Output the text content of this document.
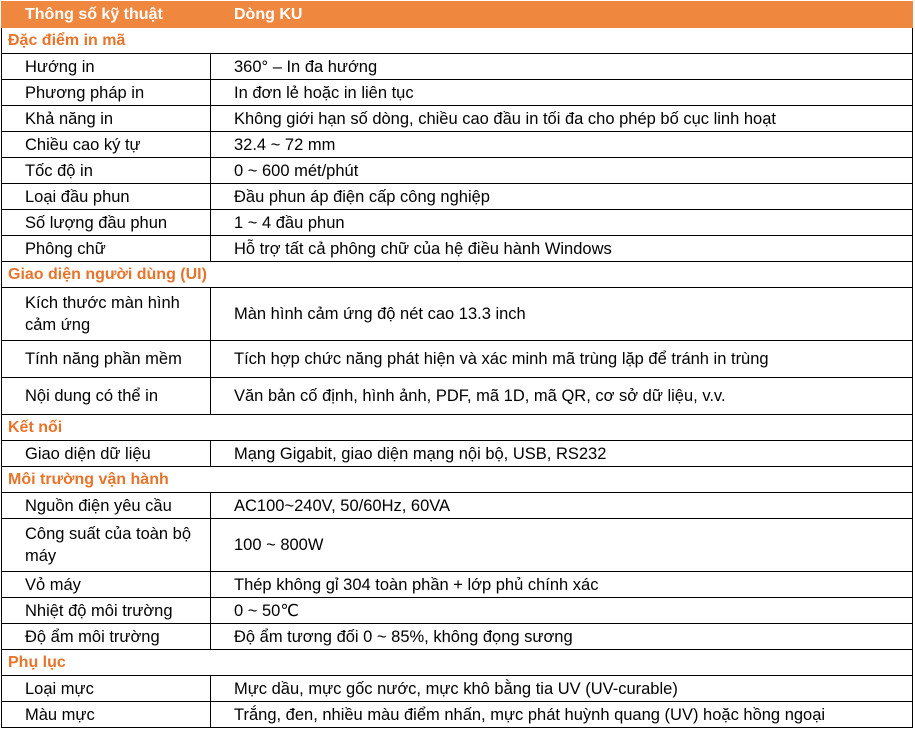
Thông số kỹ thuật	Dòng KU
Đặc điểm in mã	
Hướng in	360° – In đa hướng
Phương pháp in	In đơn lẻ hoặc in liên tục
Khả năng in	Không giới hạn số dòng, chiều cao đầu in tối đa cho phép bố cục linh hoạt
Chiều cao ký tự	32.4 ~ 72 mm
Tốc độ in	0 ~ 600 mét/phút
Loại đầu phun	Đầu phun áp điện cấp công nghiệp
Số lượng đầu phun	1 ~ 4 đầu phun
Phông chữ	Hỗ trợ tất cả phông chữ của hệ điều hành Windows
Giao diện người dùng (UI)	
Kích thước màn hình cảm ứng	Màn hình cảm ứng độ nét cao 13.3 inch
Tính năng phần mềm	Tích hợp chức năng phát hiện và xác minh mã trùng lặp để tránh in trùng
Nội dung có thể in	Văn bản cố định, hình ảnh, PDF, mã 1D, mã QR, cơ sở dữ liệu, v.v.
Kết nối	
Giao diện dữ liệu	Mạng Gigabit, giao diện mạng nội bộ, USB, RS232
Môi trường vận hành	
Nguồn điện yêu cầu	AC100~240V, 50/60Hz, 60VA
Công suất của toàn bộ máy	100 ~ 800W
Vỏ máy	Thép không gỉ 304 toàn phần + lớp phủ chính xác
Nhiệt độ môi trường	0 ~ 50℃
Độ ẩm môi trường	Độ ẩm tương đối 0 ~ 85%, không đọng sương
Phụ lục	
Loại mực	Mực dầu, mực gốc nước, mực khô bằng tia UV (UV-curable)
Màu mực	Trắng, đen, nhiều màu điểm nhấn, mực phát huỳnh quang (UV) hoặc hồng ngoại
